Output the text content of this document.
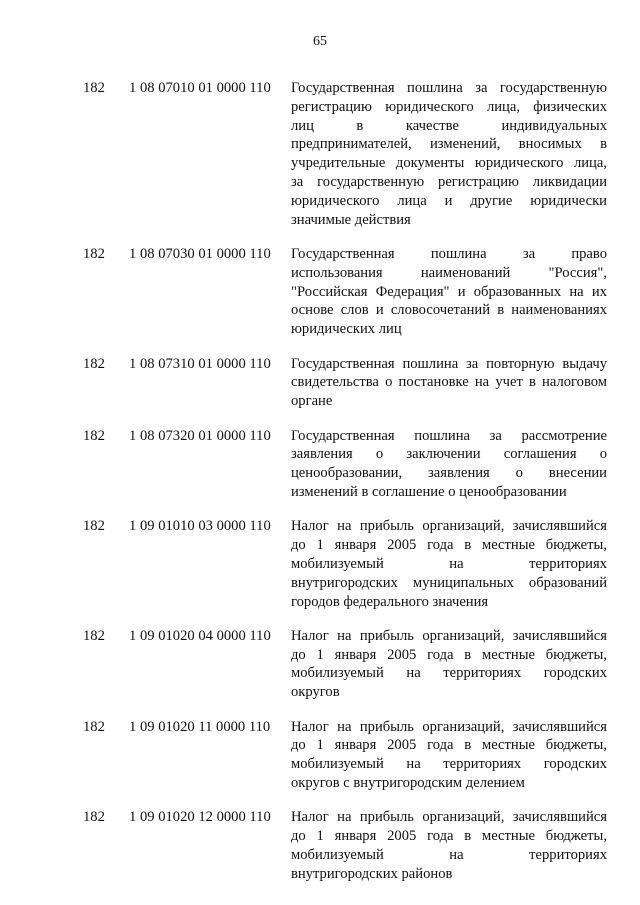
65
182	1 08 07010 01 0000 110	Государственная пошлина за государственную
регистрацию юридического лица, физических
лиц в качестве индивидуальных
предпринимателей, изменений, вносимых в
учредительные документы юридического лица,
за государственную регистрацию ликвидации
юридического лица и другие юридически
значимые действия
182	1 08 07030 01 0000 110	Государственная пошлина за право
использования наименований "Россия",
"Российская Федерация" и образованных на их
основе слов и словосочетаний в наименованиях
юридических лиц
182	1 08 07310 01 0000 110	Государственная пошлина за повторную выдачу
свидетельства о постановке на учет в налоговом
органе
182	1 08 07320 01 0000 110	Государственная пошлина за рассмотрение
заявления о заключении соглашения о
ценообразовании, заявления о внесении
изменений в соглашение о ценообразовании
182	1 09 01010 03 0000 110	Налог на прибыль организаций, зачислявшийся
до 1 января 2005 года в местные бюджеты,
мобилизуемый на территориях
внутригородских муниципальных образований
городов федерального значения
182	1 09 01020 04 0000 110	Налог на прибыль организаций, зачислявшийся
до 1 января 2005 года в местные бюджеты,
мобилизуемый на территориях городских
округов
182	1 09 01020 11 0000 110	Налог на прибыль организаций, зачислявшийся
до 1 января 2005 года в местные бюджеты,
мобилизуемый на территориях городских
округов с внутригородским делением
182	1 09 01020 12 0000 110	Налог на прибыль организаций, зачислявшийся
до 1 января 2005 года в местные бюджеты,
мобилизуемый на территориях
внутригородских районов
